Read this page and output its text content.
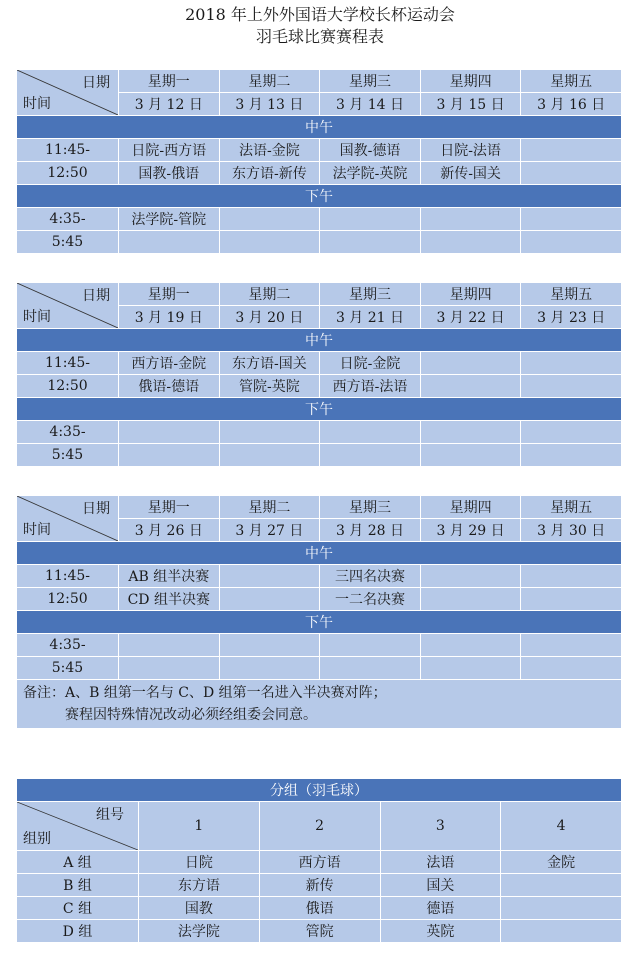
2018 年上外外国语大学校长杯运动会
羽毛球比赛赛程表
日期
时间	星期一	星期二	星期三	星期四	星期五
	3 月 12 日	3 月 13 日	3 月 14 日	3 月 15 日	3 月 16 日
中午					
11:45-	日院-西方语	法语-金院	国教-德语	日院-法语	
12:50	国教-俄语	东方语-新传	法学院-英院	新传-国关	
下午					
4:35-	法学院-管院				
5:45					
日期
时间	星期一	星期二	星期三	星期四	星期五
	3 月 19 日	3 月 20 日	3 月 21 日	3 月 22 日	3 月 23 日
中午					
11:45-	西方语-金院	东方语-国关	日院-金院		
12:50	俄语-德语	管院-英院	西方语-法语		
下午					
4:35-					
5:45					
日期
时间	星期一	星期二	星期三	星期四	星期五
	3 月 26 日	3 月 27 日	3 月 28 日	3 月 29 日	3 月 30 日
中午					
11:45-	AB 组半决赛		三四名决赛		
12:50	CD 组半决赛		一二名决赛		
下午					
4:35-					
5:45					

备注：A、B 组第一名与 C、D 组第一名进入半决赛对阵；
赛程因特殊情况改动必须经组委会同意。					
分组（羽毛球）				

组号
组别	1	2	3	4
A 组	日院	西方语	法语	金院
B 组	东方语	新传	国关	
C 组	国教	俄语	德语	
D 组	法学院	管院	英院	
